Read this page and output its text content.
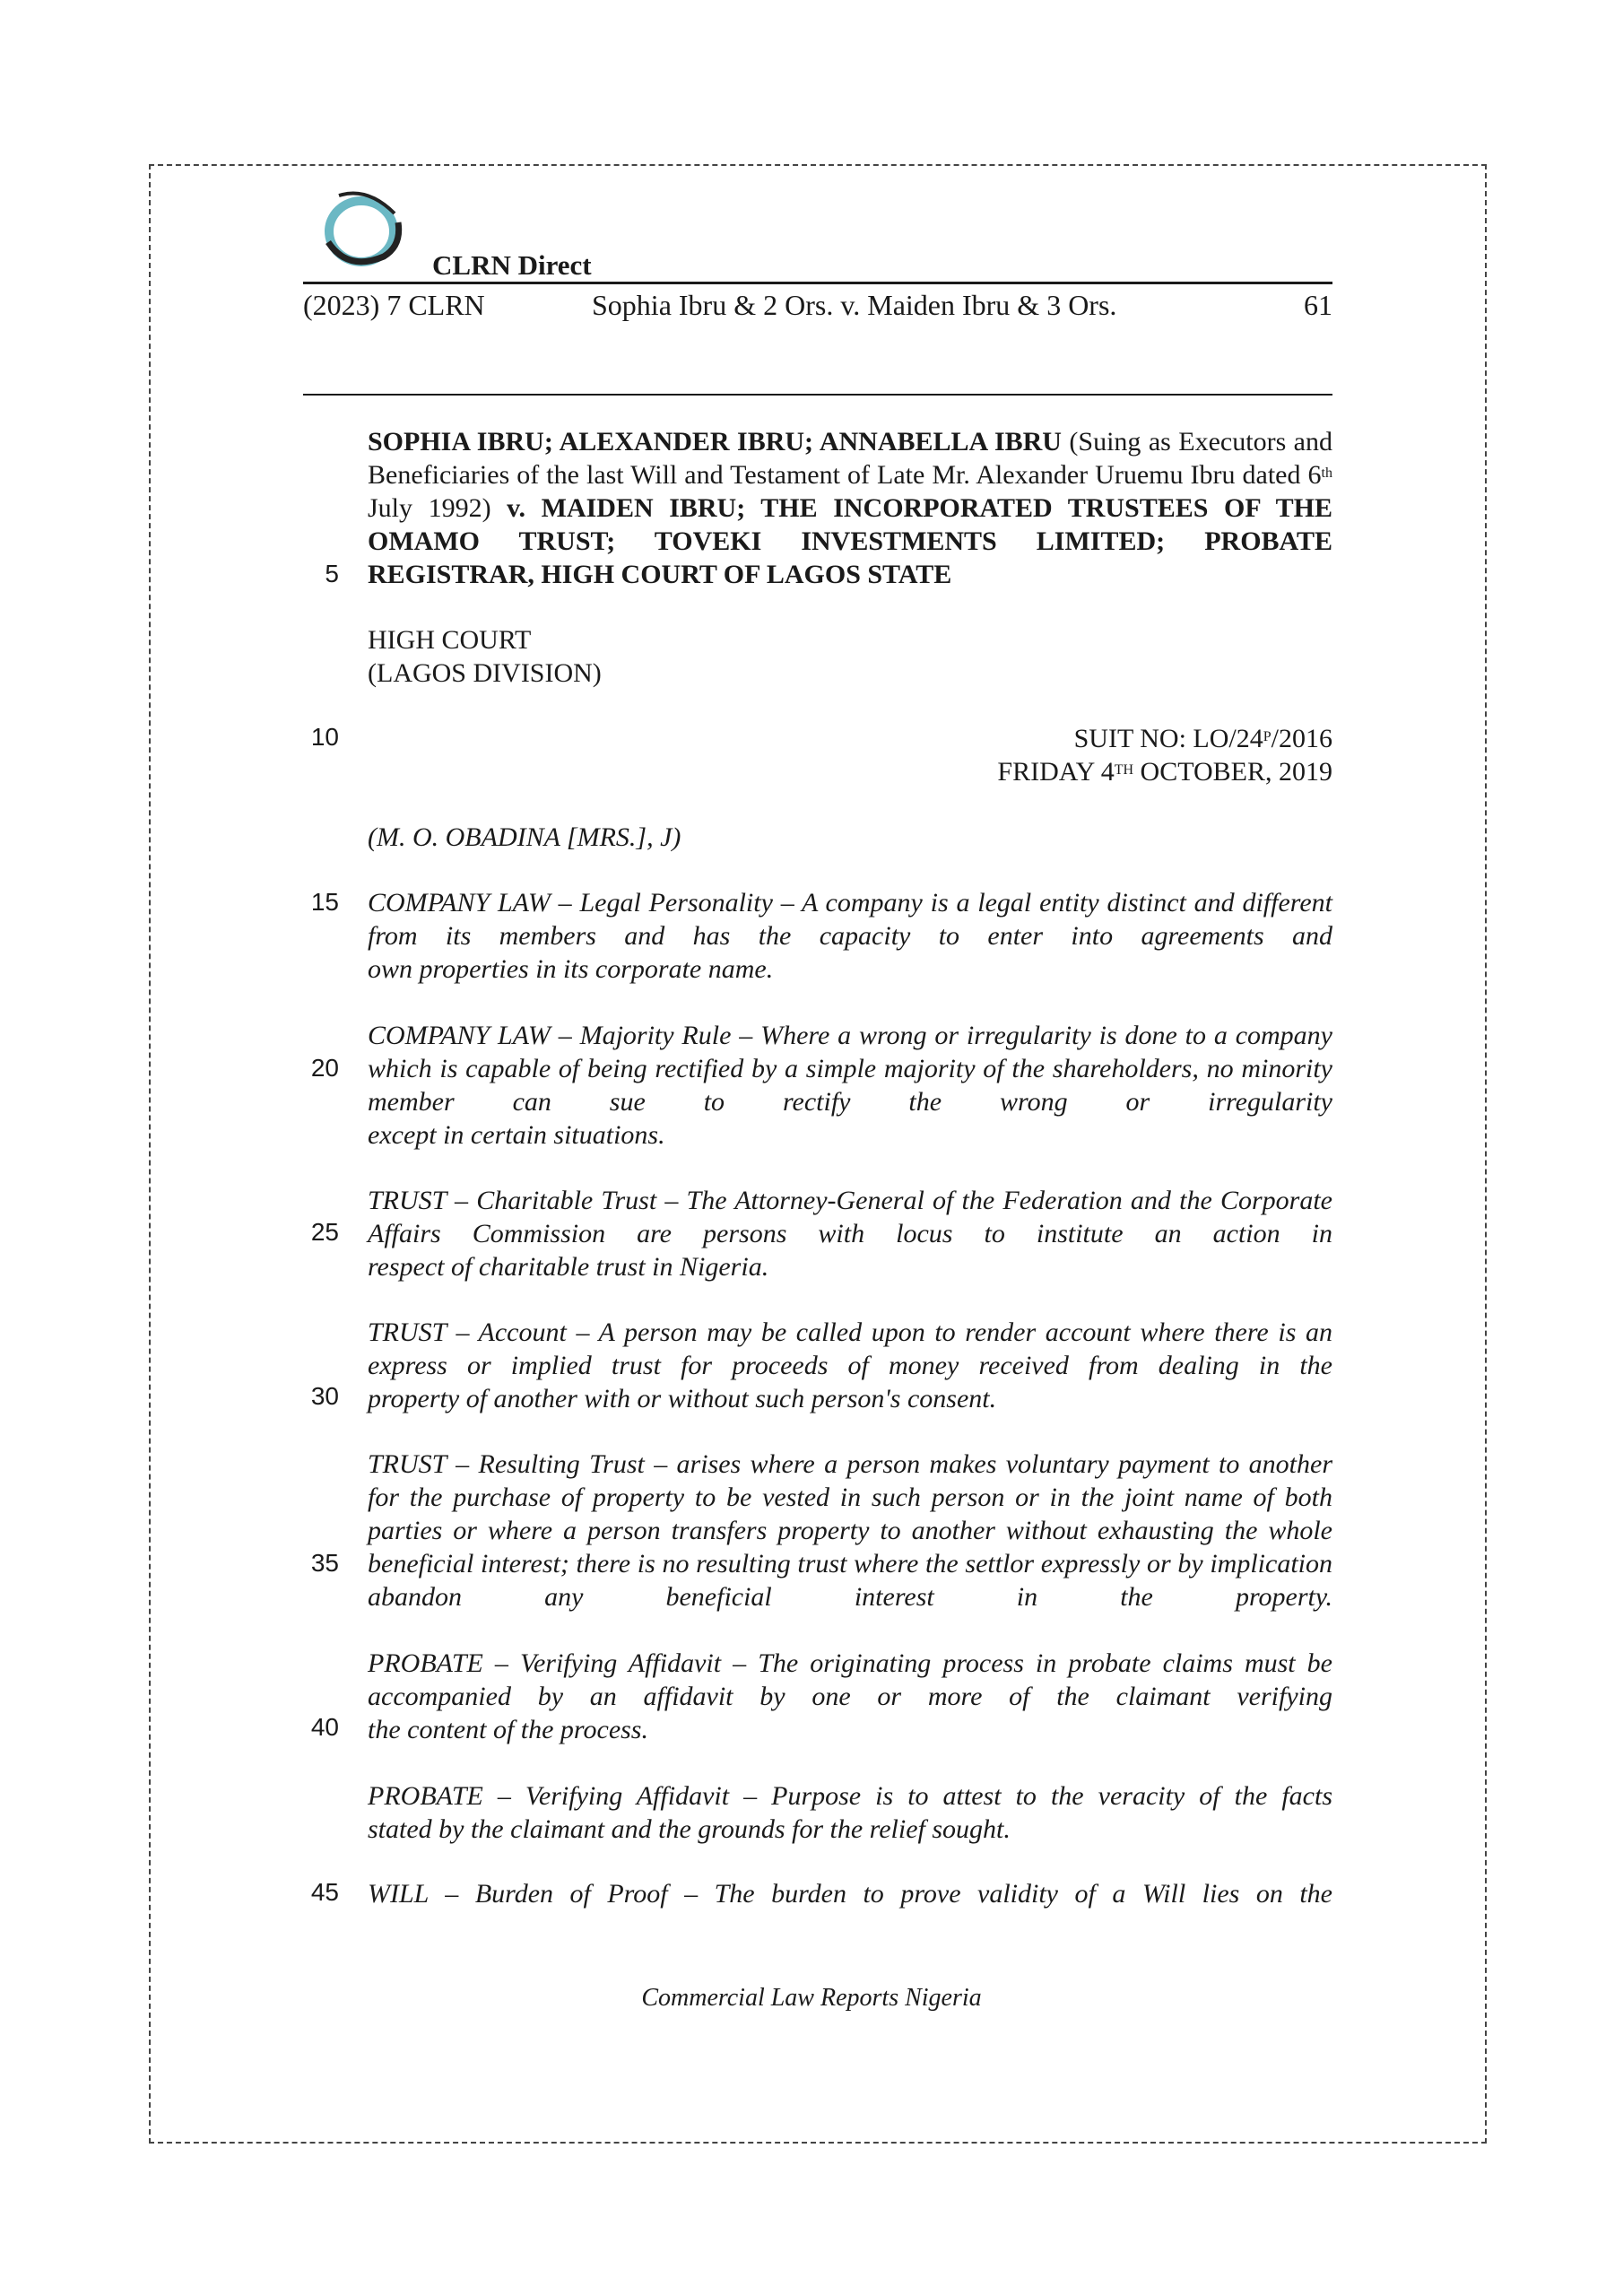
CLRN Direct
(2023) 7 CLRN	Sophia Ibru & 2 Ors. v. Maiden Ibru & 3 Ors.	61
5
10
15
20
25
30
35
40
45
SOPHIA IBRU; ALEXANDER IBRU; ANNABELLA IBRU (Suing as Executors and Beneficiaries of the last Will and Testament of Late Mr. Alexander Uruemu Ibru dated 6th July 1992) v. MAIDEN IBRU; THE INCORPORATED TRUSTEES OF THE OMAMO TRUST; TOVEKI INVESTMENTS LIMITED; PROBATE
REGISTRAR, HIGH COURT OF LAGOS STATE
HIGH COURT
(LAGOS DIVISION)
SUIT NO: $LO/24^P/2016$
FRIDAY 4TH OCTOBER, 2019
(M. O. OBADINA [MRS.], J)
COMPANY LAW – Legal Personality – A company is a legal entity distinct and different from its members and has the capacity to enter into agreements and
own properties in its corporate name.
COMPANY LAW – Majority Rule – Where a wrong or irregularity is done to a company which is capable of being rectified by a simple majority of the shareholders, no minority member can sue to rectify the wrong or irregularity
except in certain situations.
TRUST – Charitable Trust – The Attorney-General of the Federation and the Corporate Affairs Commission are persons with locus to institute an action in
respect of charitable trust in Nigeria.
TRUST – Account – A person may be called upon to render account where there is an express or implied trust for proceeds of money received from dealing in the
property of another with or without such person's consent.
TRUST – Resulting Trust – arises where a person makes voluntary payment to another for the purchase of property to be vested in such person or in the joint name of both parties or where a person transfers property to another without exhausting the whole beneficial interest; there is no resulting trust where the settlor expressly or by implication abandon any beneficial interest in the property.
PROBATE – Verifying Affidavit – The originating process in probate claims must be accompanied by an affidavit by one or more of the claimant verifying
the content of the process.
PROBATE – Verifying Affidavit – Purpose is to attest to the veracity of the facts
stated by the claimant and the grounds for the relief sought.
WILL – Burden of Proof – The burden to prove validity of a Will lies on the
Commercial Law Reports Nigeria
